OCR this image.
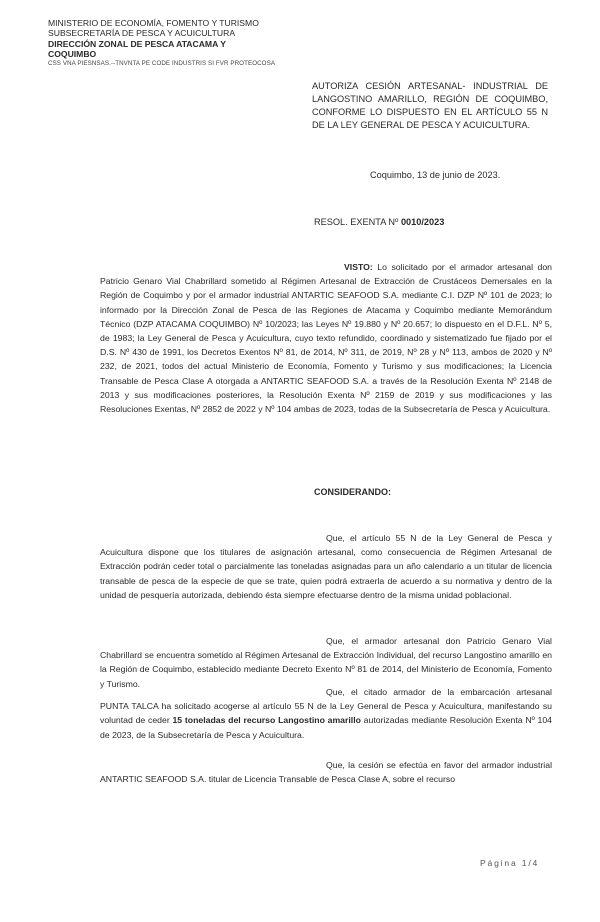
MINISTERIO DE ECONOMÍA, FOMENTO Y TURISMO
SUBSECRETARÍA DE PESCA Y ACUICULTURA
DIRECCIÓN ZONAL DE PESCA ATACAMA Y
COQUIMBO
CSS VNA PIESNSAS.--TNVNTA PE CODE INDUSTRIS SI FVR PROTEOCOSA
AUTORIZA CESIÓN ARTESANAL- INDUSTRIAL DE LANGOSTINO AMARILLO, REGIÓN DE COQUIMBO, CONFORME LO DISPUESTO EN EL ARTÍCULO 55 N DE LA LEY GENERAL DE PESCA Y ACUICULTURA.
Coquimbo, 13 de junio de 2023.
RESOL. EXENTA Nº 0010/2023
VISTO: Lo solicitado por el armador artesanal don Patricio Genaro Vial Chabrillard sometido al Régimen Artesanal de Extracción de Crustáceos Demersales en la Región de Coquimbo y por el armador industrial ANTARTIC SEAFOOD S.A. mediante C.I. DZP Nº 101 de 2023; lo informado por la Dirección Zonal de Pesca de las Regiones de Atacama y Coquimbo mediante Memorándum Técnico (DZP ATACAMA COQUIMBO) Nº 10/2023; las Leyes Nº 19.880 y Nº 20.657; lo dispuesto en el D.F.L. Nº 5, de 1983; la Ley General de Pesca y Acuicultura, cuyo texto refundido, coordinado y sistematizado fue fijado por el D.S. Nº 430 de 1991, los Decretos Exentos Nº 81, de 2014, Nº 311, de 2019, Nº 28 y Nº 113, ambos de 2020 y Nº 232, de 2021, todos del actual Ministerio de Economía, Fomento y Turismo y sus modificaciones; la Licencia Transable de Pesca Clase A otorgada a ANTARTIC SEAFOOD S.A. a través de la Resolución Exenta Nº 2148 de 2013 y sus modificaciones posteriores, la Resolución Exenta Nº 2159 de 2019 y sus modificaciones y las Resoluciones Exentas, Nº 2852 de 2022 y Nº 104 ambas de 2023, todas de la Subsecretaría de Pesca y Acuicultura.
CONSIDERANDO:
Que, el artículo 55 N de la Ley General de Pesca y Acuicultura dispone que los titulares de asignación artesanal, como consecuencia de Régimen Artesanal de Extracción podrán ceder total o parcialmente las toneladas asignadas para un año calendario a un titular de licencia transable de pesca de la especie de que se trate, quien podrá extraerla de acuerdo a su normativa y dentro de la unidad de pesquería autorizada, debiendo ésta siempre efectuarse dentro de la misma unidad poblacional.
Que, el armador artesanal don Patricio Genaro Vial Chabrillard se encuentra sometido al Régimen Artesanal de Extracción Individual, del recurso Langostino amarillo en la Región de Coquimbo, establecido mediante Decreto Exento Nº 81 de 2014, del Ministerio de Economía, Fomento y Turismo.
Que, el citado armador de la embarcación artesanal PUNTA TALCA ha solicitado acogerse al artículo 55 N de la Ley General de Pesca y Acuicultura, manifestando su voluntad de ceder 15 toneladas del recurso Langostino amarillo autorizadas mediante Resolución Exenta Nº 104 de 2023, de la Subsecretaría de Pesca y Acuicultura.
Que, la cesión se efectúa en favor del armador industrial ANTARTIC SEAFOOD S.A. titular de Licencia Transable de Pesca Clase A, sobre el recurso
Página 1/4
